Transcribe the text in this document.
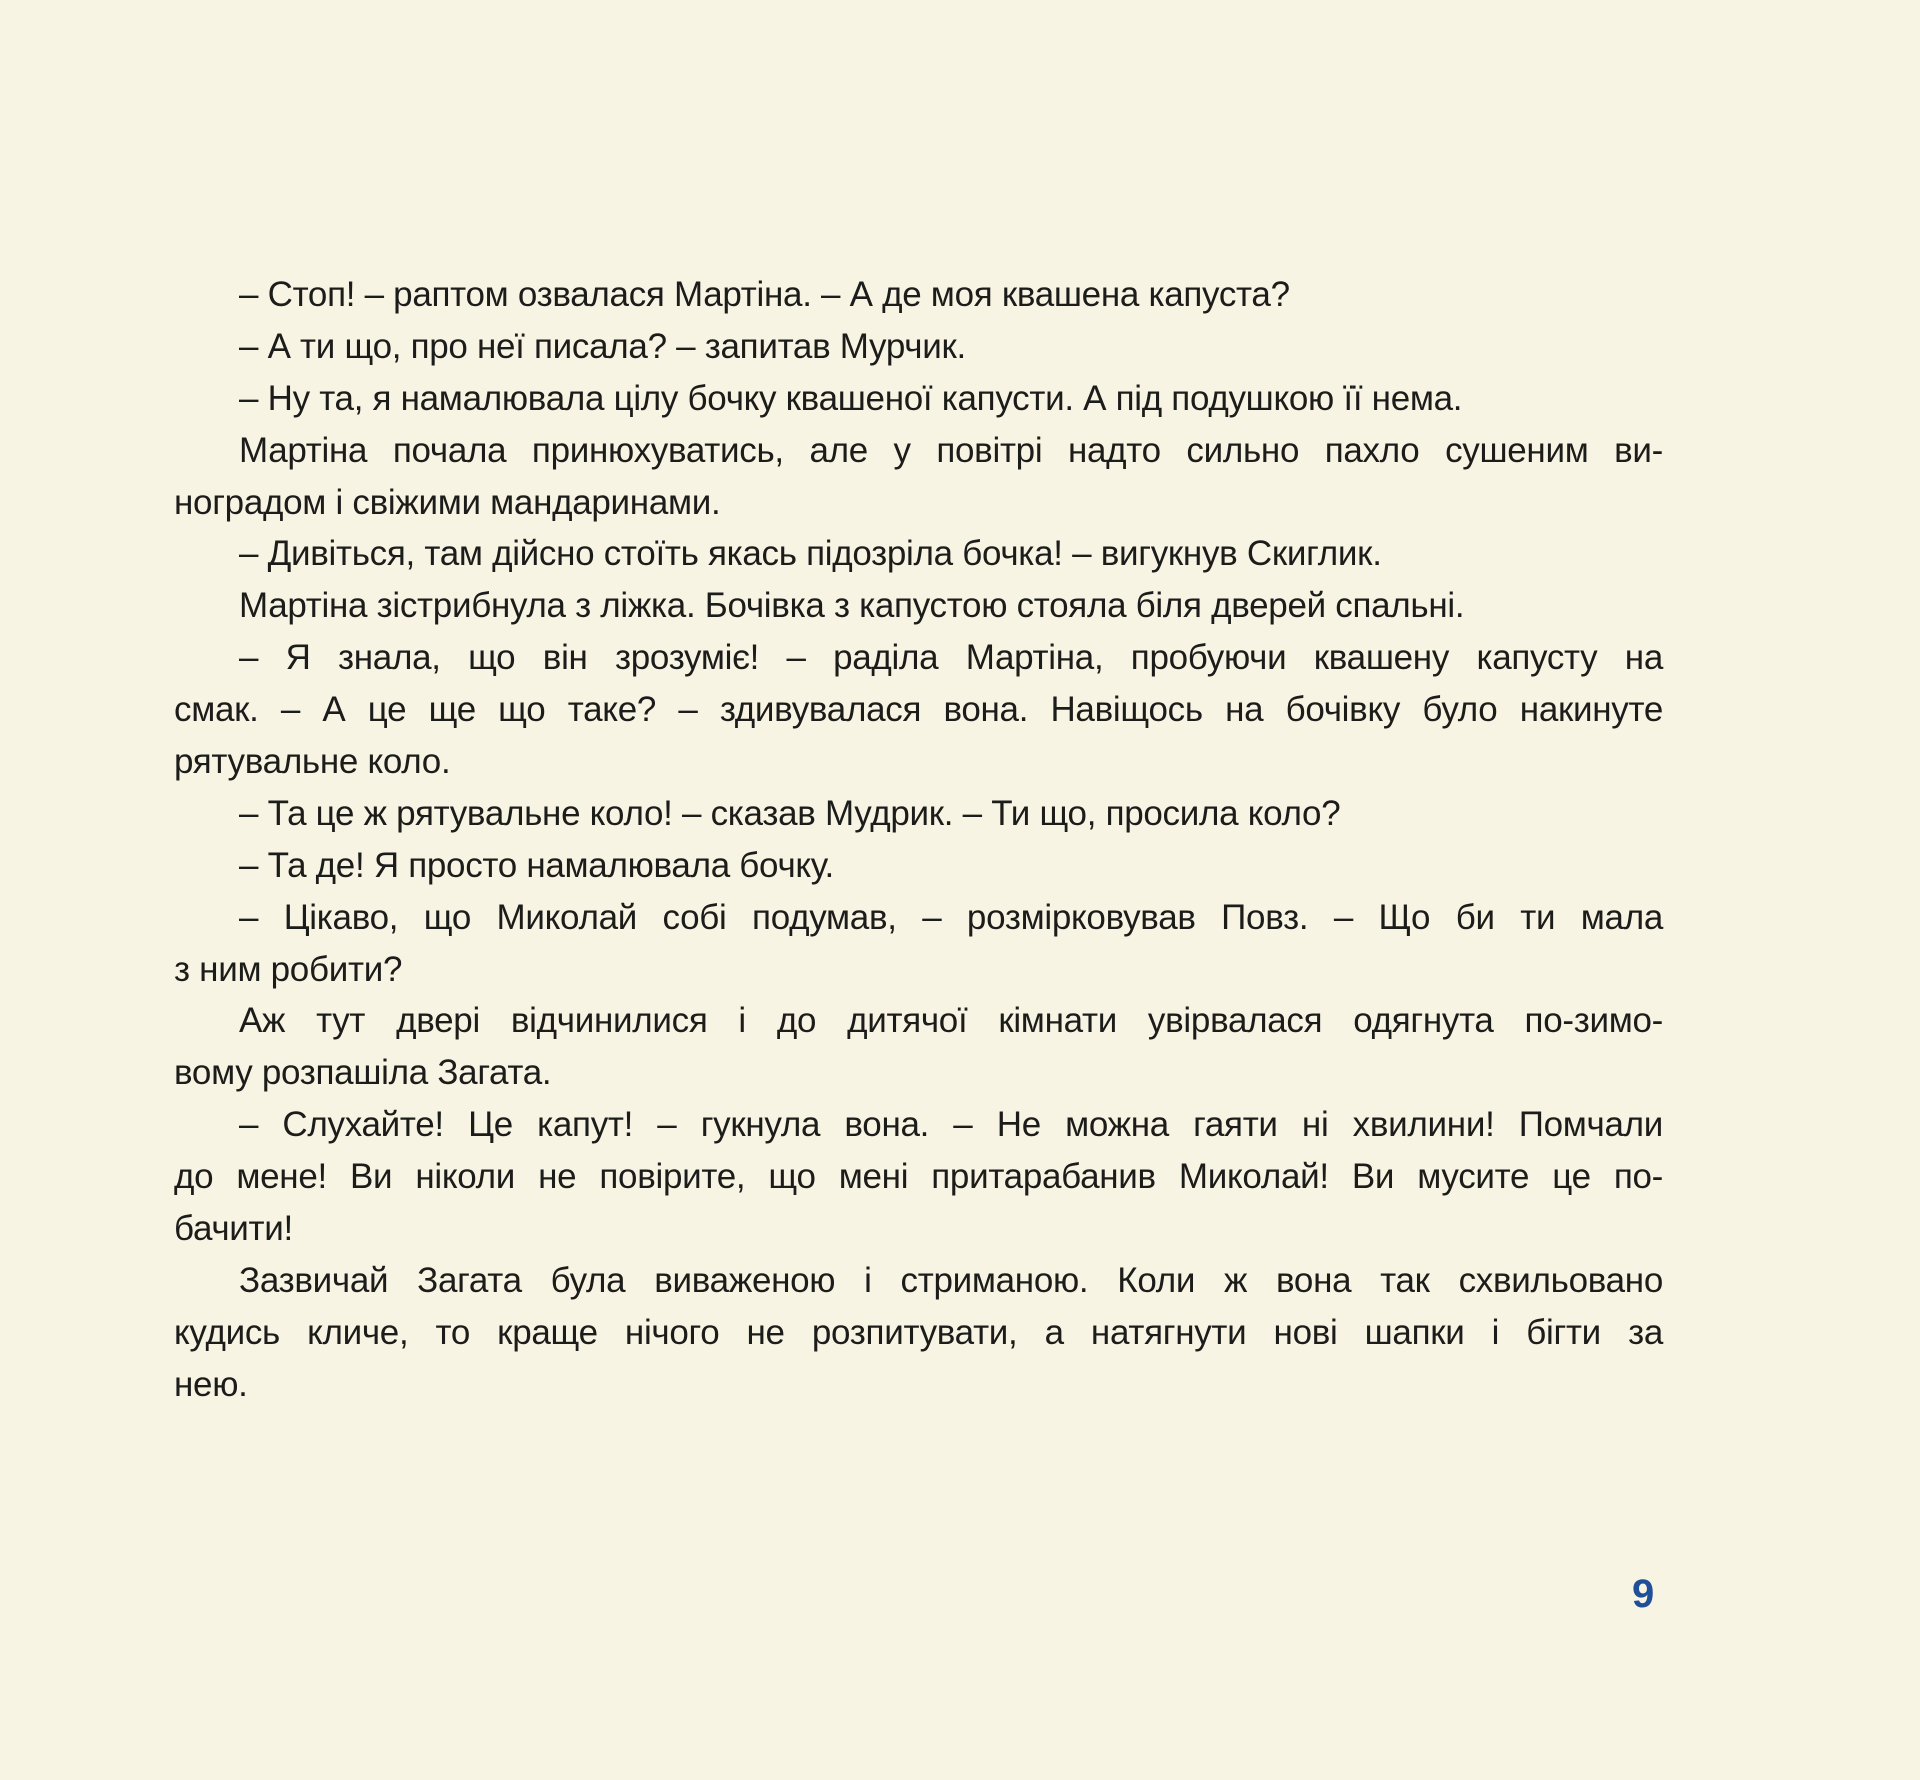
– Стоп! – раптом озвалася Мартіна. – А де моя квашена капуста?
– А ти що, про неї писала? – запитав Мурчик.
– Ну та, я намалювала цілу бочку квашеної капусти. А під подушкою її нема.
Мартіна почала принюхуватись, але у повітрі надто сильно пахло сушеним ви-
ноградом і свіжими мандаринами.
– Дивіться, там дійсно стоїть якась підозріла бочка! – вигукнув Скиглик.
Мартіна зістрибнула з ліжка. Бочівка з капустою стояла біля дверей спальні.
– Я знала, що він зрозуміє! – раділа Мартіна, пробуючи квашену капусту на
смак. – А це ще що таке? – здивувалася вона. Навіщось на бочівку було накинуте
рятувальне коло.
– Та це ж рятувальне коло! – сказав Мудрик. – Ти що, просила коло?
– Та де! Я просто намалювала бочку.
– Цікаво, що Миколай собі подумав, – розмірковував Повз. – Що би ти мала
з ним робити?
Аж тут двері відчинилися і до дитячої кімнати увірвалася одягнута по-зимо-
вому розпашіла Загата.
– Слухайте! Це капут! – гукнула вона. – Не можна гаяти ні хвилини! Помчали
до мене! Ви ніколи не повірите, що мені притарабанив Миколай! Ви мусите це по-
бачити!
Зазвичай Загата була виваженою і стриманою. Коли ж вона так схвильовано
кудись кличе, то краще нічого не розпитувати, а натягнути нові шапки і бігти за
нею.
9
